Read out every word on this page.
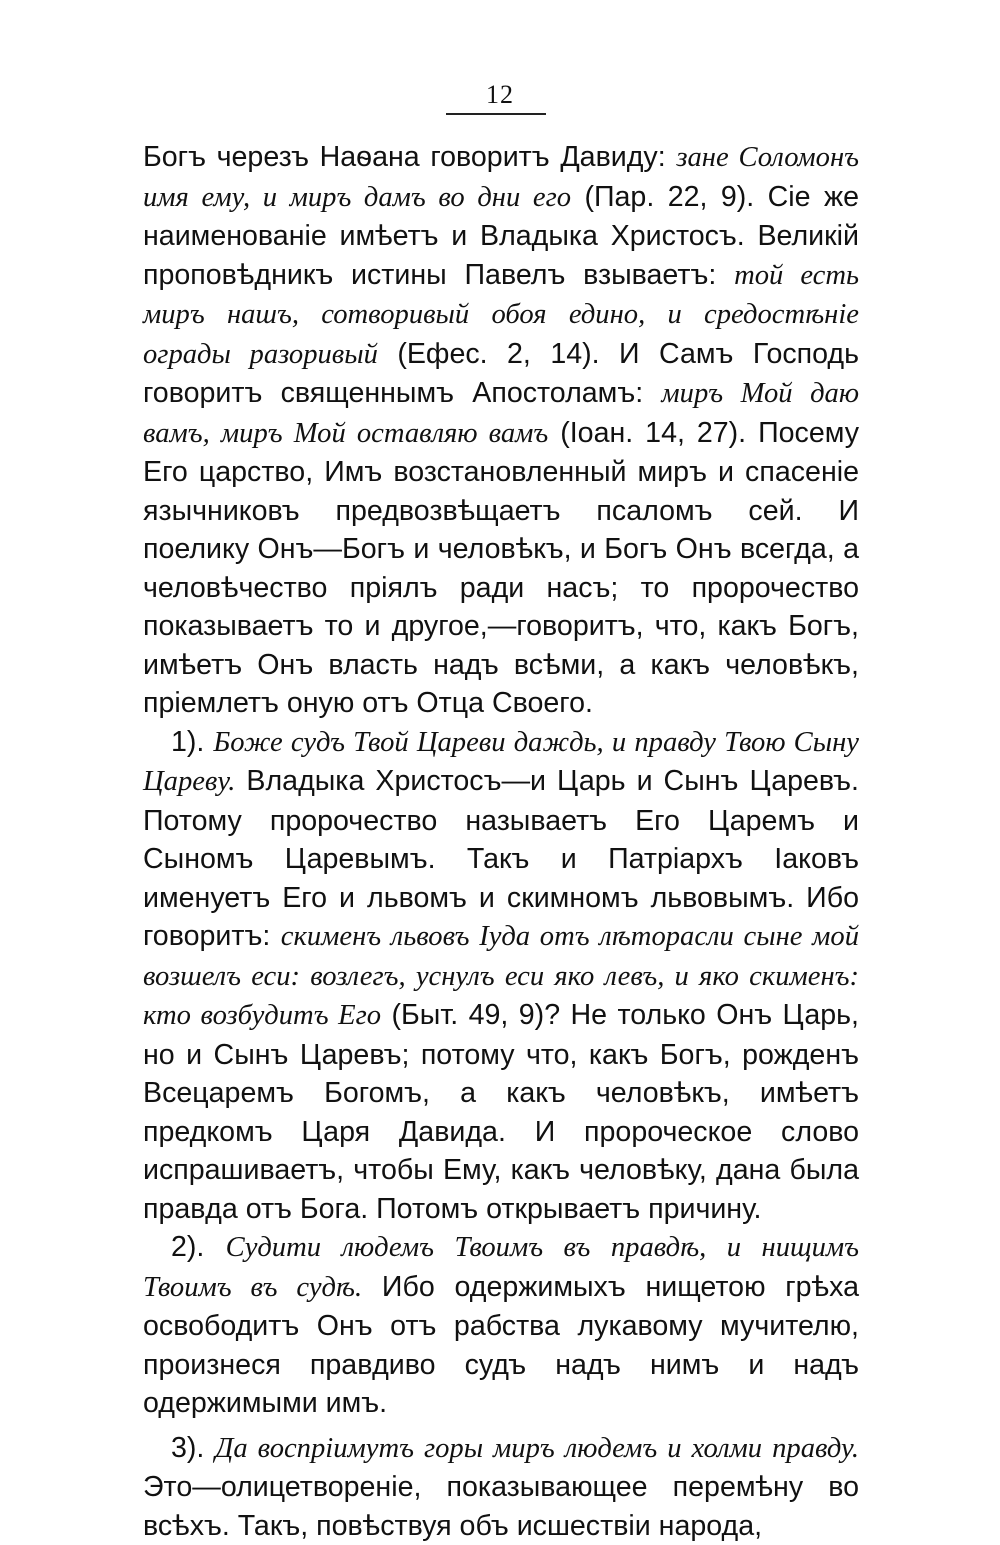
12

Богъ черезъ Наѳана говоритъ Давиду: зане Соломонъ имя ему, и миръ дамъ во дни его (Пар. 22, 9). Сіе же наименованіе имѣетъ и Владыка Христосъ. Великій проповѣдникъ истины Павелъ взываетъ: той есть миръ нашъ, сотворивый обоя едино, и средостѣніе ограды разоривый (Ефес. 2, 14). И Самъ Господь говоритъ священнымъ Апостоламъ: миръ Мой даю вамъ, миръ Мой оставляю вамъ (Іоан. 14, 27). Посему Его царство, Имъ возстановленный миръ и спасеніе язычниковъ предвозвѣщаетъ псаломъ сей. И поелику Онъ—Богъ и человѣкъ, и Богъ Онъ всегда, а человѣчество пріялъ ради насъ; то пророчество показываетъ то и другое,—говоритъ, что, какъ Богъ, имѣетъ Онъ власть надъ всѣми, а какъ человѣкъ, пріемлетъ оную отъ Отца Своего.

1). Боже судъ Твой Цареви даждь, и правду Твою Сыну Цареву. Владыка Христосъ—и Царь и Сынъ Царевъ. Потому пророчество называетъ Его Царемъ и Сыномъ Царевымъ. Такъ и Патріархъ Іаковъ именуетъ Его и львомъ и скимномъ львовымъ. Ибо говоритъ: скименъ львовъ Іуда отъ лѣторасли сыне мой возшелъ еси: возлегъ, уснулъ еси яко левъ, и яко скименъ: кто возбудитъ Его (Быт. 49, 9)? Не только Онъ Царь, но и Сынъ Царевъ; потому что, какъ Богъ, рожденъ Всецаремъ Богомъ, а какъ человѣкъ, имѣетъ предкомъ Царя Давида. И пророческое слово испрашиваетъ, чтобы Ему, какъ человѣку, дана была правда отъ Бога. Потомъ открываетъ причину.

2). Судити людемъ Твоимъ въ правдѣ, и нищимъ Твоимъ въ судѣ. Ибо одержимыхъ нищетою грѣха освободитъ Онъ отъ рабства лукавому мучителю, произнеся правдиво судъ надъ нимъ и надъ одержимыми имъ.

3). Да воспріимутъ горы миръ людемъ и холми правду. Это—олицетвореніе, показывающее перемѣну во всѣхъ. Такъ, повѣствуя объ исшествіи народа,
